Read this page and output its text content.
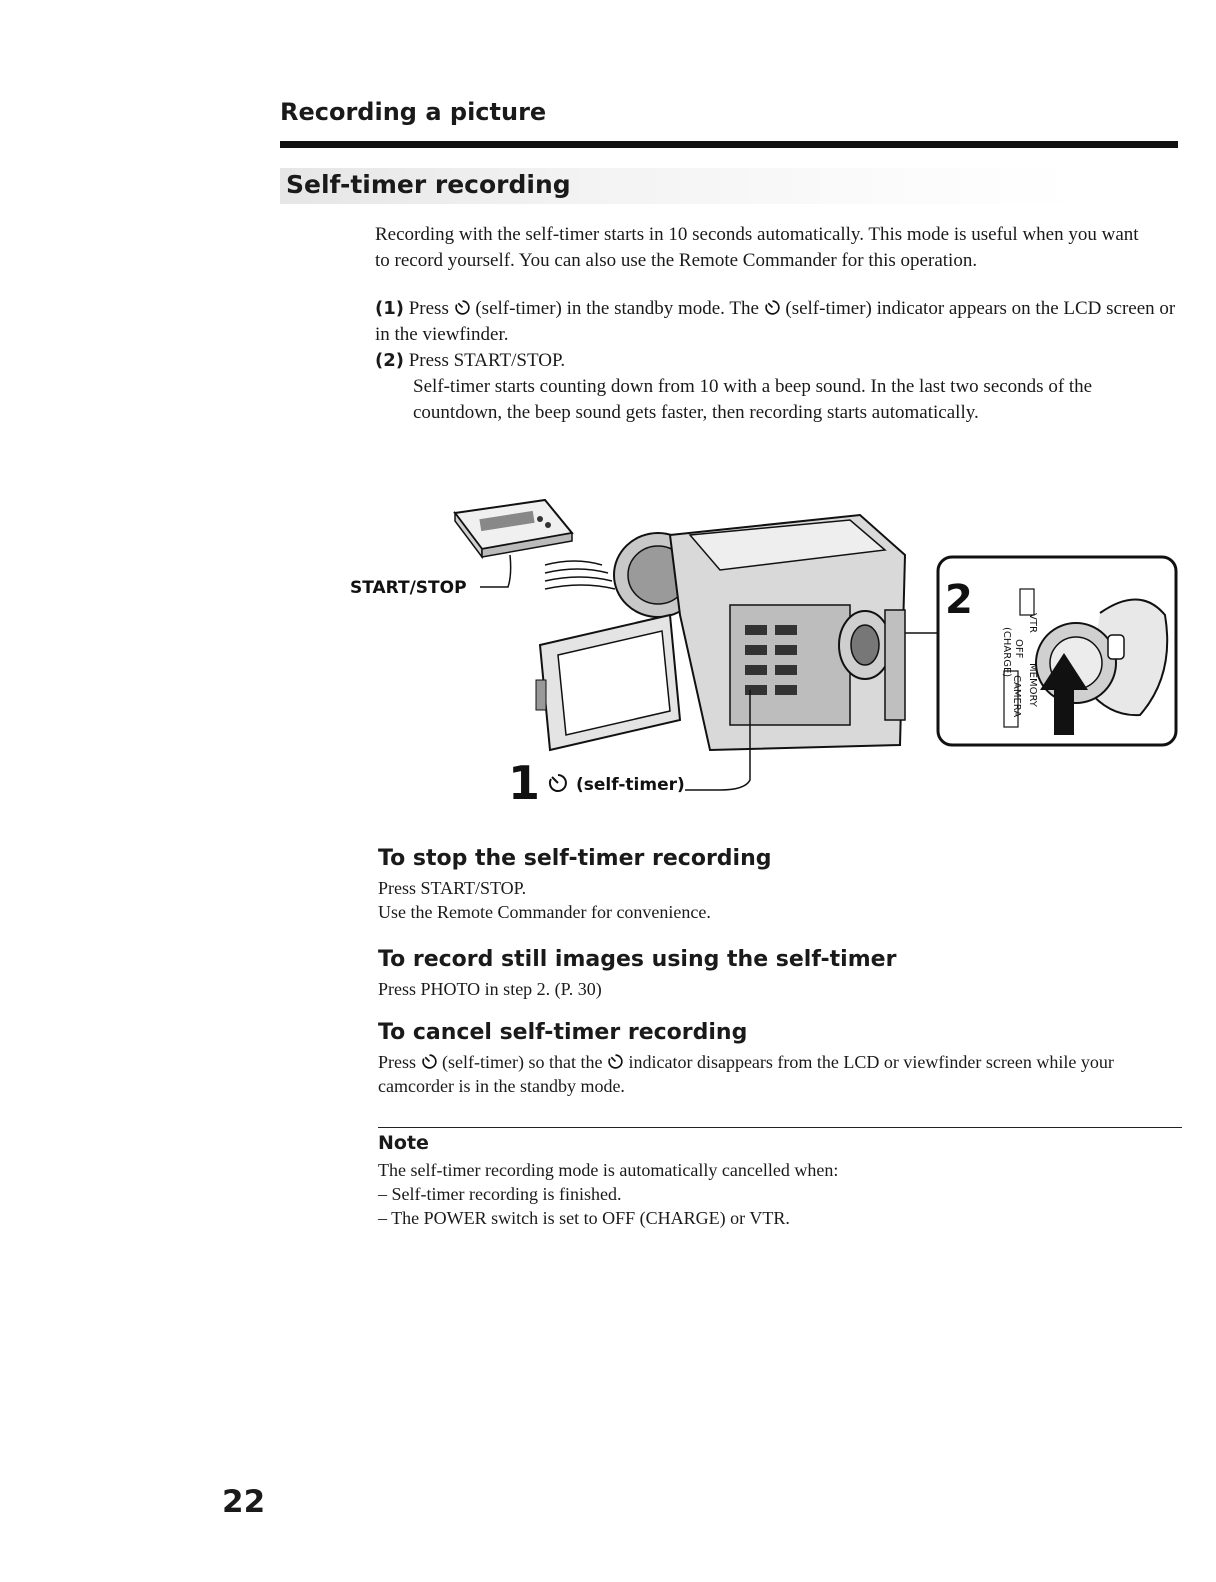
Recording a picture
Self-timer recording
Recording with the self-timer starts in 10 seconds automatically. This mode is useful when you want to record yourself. You can also use the Remote Commander for this operation.
(1) Press (self-timer) in the standby mode. The (self-timer) indicator appears on the LCD screen or in the viewfinder.
(2) Press START/STOP.
Self-timer starts counting down from 10 with a beep sound. In the last two seconds of the countdown, the beep sound gets faster, then recording starts automatically.
START/STOP
1 (self-timer)
2	VTR
OFF
(CHARGE)
CAMERA MEMORY
To stop the self-timer recording
Press START/STOP.
Use the Remote Commander for convenience.
To record still images using the self-timer
Press PHOTO in step 2. (P. 30)
To cancel self-timer recording
Press (self-timer) so that the indicator disappears from the LCD or viewfinder screen while your camcorder is in the standby mode.
Note
The self-timer recording mode is automatically cancelled when:
– Self-timer recording is finished.
– The POWER switch is set to OFF (CHARGE) or VTR.
22
